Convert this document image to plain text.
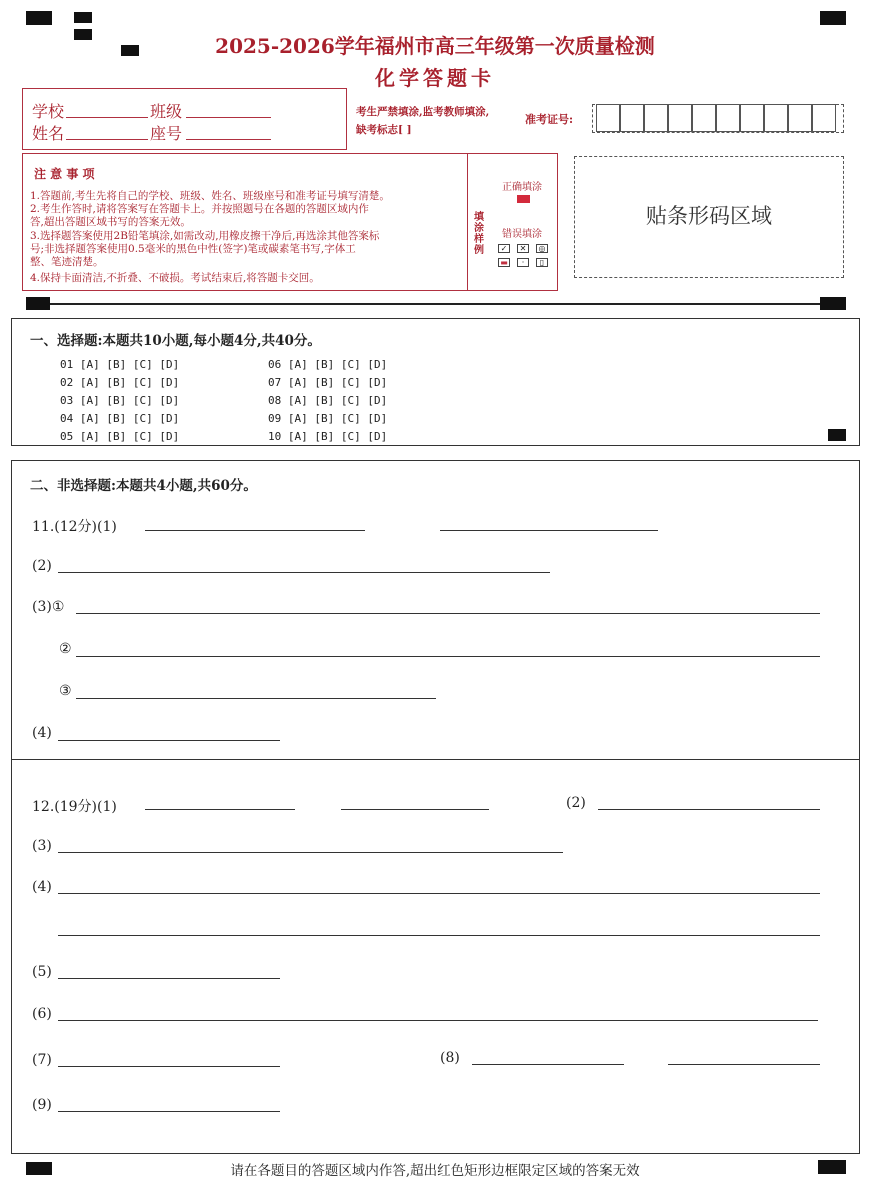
2025-2026学年福州市高三年级第一次质量检测
化学答题卡
学校	班级
姓名	座号
考生严禁填涂,监考教师填涂,
缺考标志[ ]
准考证号:
注 意 事 项
1.答题前,考生先将自己的学校、班级、姓名、班级座号和准考证号填写清楚。
2.考生作答时,请将答案写在答题卡上。并按照题号在各题的答题区域内作
答,超出答题区域书写的答案无效。
3.选择题答案使用2B铅笔填涂,如需改动,用橡皮擦干净后,再选涂其他答案标
号;非选择题答案使用0.5毫米的黑色中性(签字)笔或碳素笔书写,字体工
整、笔迹清楚。
4.保持卡面清洁,不折叠、不破损。考试结束后,将答题卡交回。
填涂样例
正确填涂
错误填涂
✓	✕	◎
▬	·	▯
贴条形码区域
一、选择题:本题共10小题,每小题4分,共40分。
01 [A] [B] [C] [D]
02 [A] [B] [C] [D]
03 [A] [B] [C] [D]
04 [A] [B] [C] [D]
05 [A] [B] [C] [D]
06 [A] [B] [C] [D]
07 [A] [B] [C] [D]
08 [A] [B] [C] [D]
09 [A] [B] [C] [D]
10 [A] [B] [C] [D]
二、非选择题:本题共4小题,共60分。
11.(12分)(1)
(2)
(3)①
②
③
(4)
12.(19分)(1)	(2)
(3)
(4)
(5)
(6)
(7)	(8)
(9)
请在各题目的答题区域内作答,超出红色矩形边框限定区域的答案无效
